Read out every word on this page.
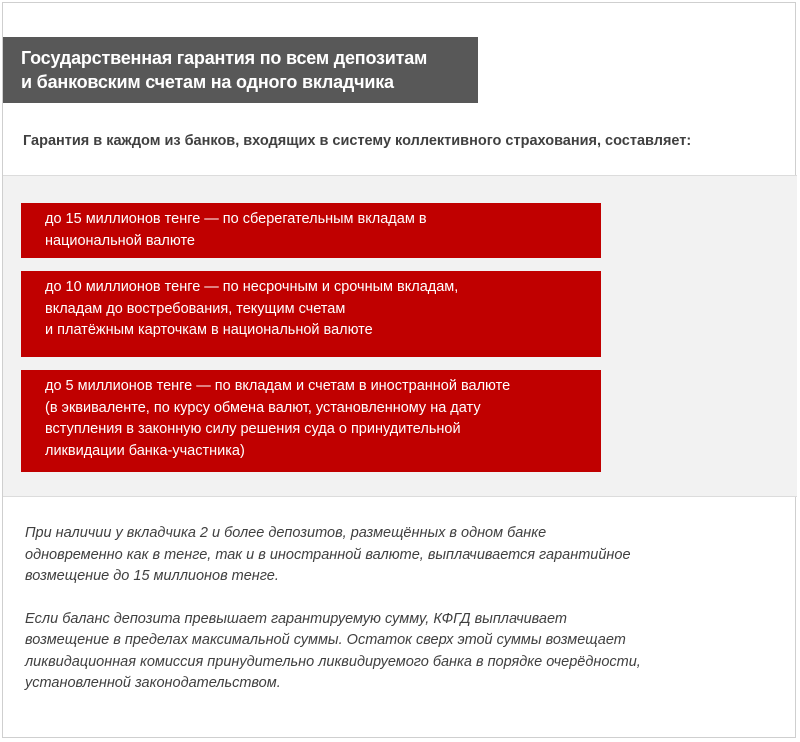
Государственная гарантия по всем депозитам
и банковским счетам на одного вкладчика
Гарантия в каждом из банков, входящих в систему коллективного страхования, составляет:
до 15 миллионов тенге — по сберегательным вкладам в
национальной валюте
до 10 миллионов тенге — по несрочным и срочным вкладам,
вкладам до востребования, текущим счетам
и платёжным карточкам в национальной валюте
до 5 миллионов тенге — по вкладам и счетам в иностранной валюте
(в эквиваленте, по курсу обмена валют, установленному на дату
вступления в законную силу решения суда о принудительной
ликвидации банка-участника)

При наличии у вкладчика 2 и более депозитов, размещённых в одном банке
одновременно как в тенге, так и в иностранной валюте, выплачивается гарантийное
возмещение до 15 миллионов тенге.

Если баланс депозита превышает гарантируемую сумму, КФГД выплачивает
возмещение в пределах максимальной суммы. Остаток сверх этой суммы возмещает
ликвидационная комиссия принудительно ликвидируемого банка в порядке очерёдности,
установленной законодательством.
